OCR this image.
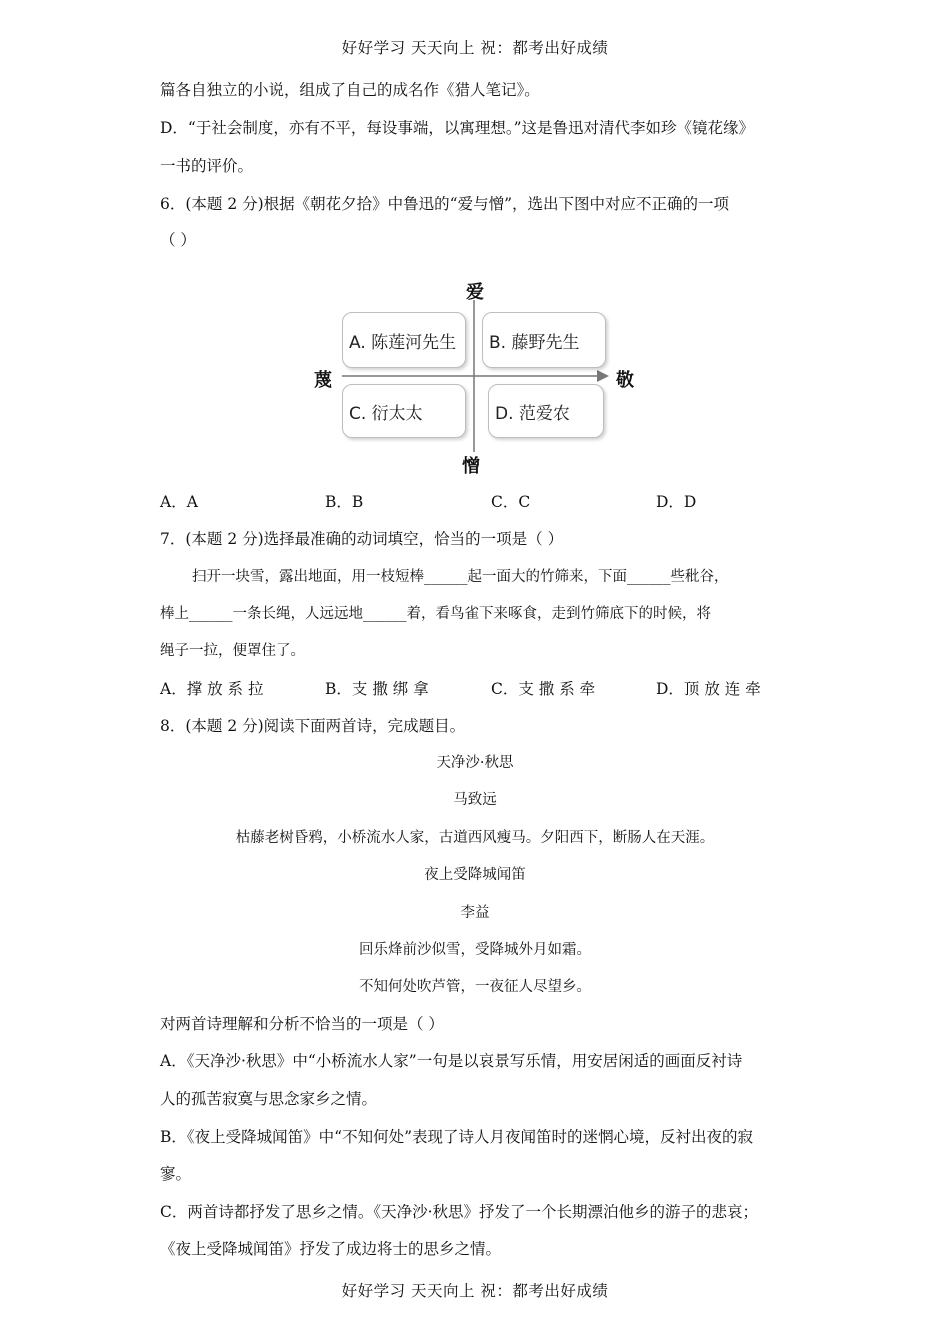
好好学习 天天向上 祝：都考出好成绩
篇各自独立的小说，组成了自己的成名作《猎人笔记》。
D．“于社会制度，亦有不平，每设事端，以寓理想。”这是鲁迅对清代李如珍《镜花缘》
一书的评价。
6．(本题 2 分)根据《朝花夕拾》中鲁迅的“爱与憎”，选出下图中对应不正确的一项
（ ）
爱
憎
蔑	敬
A. 陈莲河先生	B. 藤野先生
C. 衍太太	D. 范爱农
A．A	B．B	C．C	D．D
7．(本题 2 分)选择最准确的动词填空，恰当的一项是（ ）
扫开一块雪，露出地面，用一枝短棒______起一面大的竹筛来，下面______些秕谷，
棒上______一条长绳，人远远地______着，看鸟雀下来啄食，走到竹筛底下的时候，将
绳子一拉，便罩住了。
A．撑 放 系 拉	B．支 撒 绑 拿	C．支 撒 系 牵	D．顶 放 连 牵
8．(本题 2 分)阅读下面两首诗，完成题目。
天净沙·秋思
马致远
枯藤老树昏鸦，小桥流水人家，古道西风瘦马。夕阳西下，断肠人在天涯。
夜上受降城闻笛
李益
回乐烽前沙似雪，受降城外月如霜。
不知何处吹芦管，一夜征人尽望乡。
对两首诗理解和分析不恰当的一项是（ ）
A．《天净沙·秋思》中“小桥流水人家”一句是以哀景写乐情，用安居闲适的画面反衬诗
人的孤苦寂寞与思念家乡之情。
B．《夜上受降城闻笛》中“不知何处”表现了诗人月夜闻笛时的迷惘心境，反衬出夜的寂
寥。
C．两首诗都抒发了思乡之情。《天净沙·秋思》抒发了一个长期漂泊他乡的游子的悲哀；
《夜上受降城闻笛》抒发了成边将士的思乡之情。
好好学习 天天向上 祝：都考出好成绩
